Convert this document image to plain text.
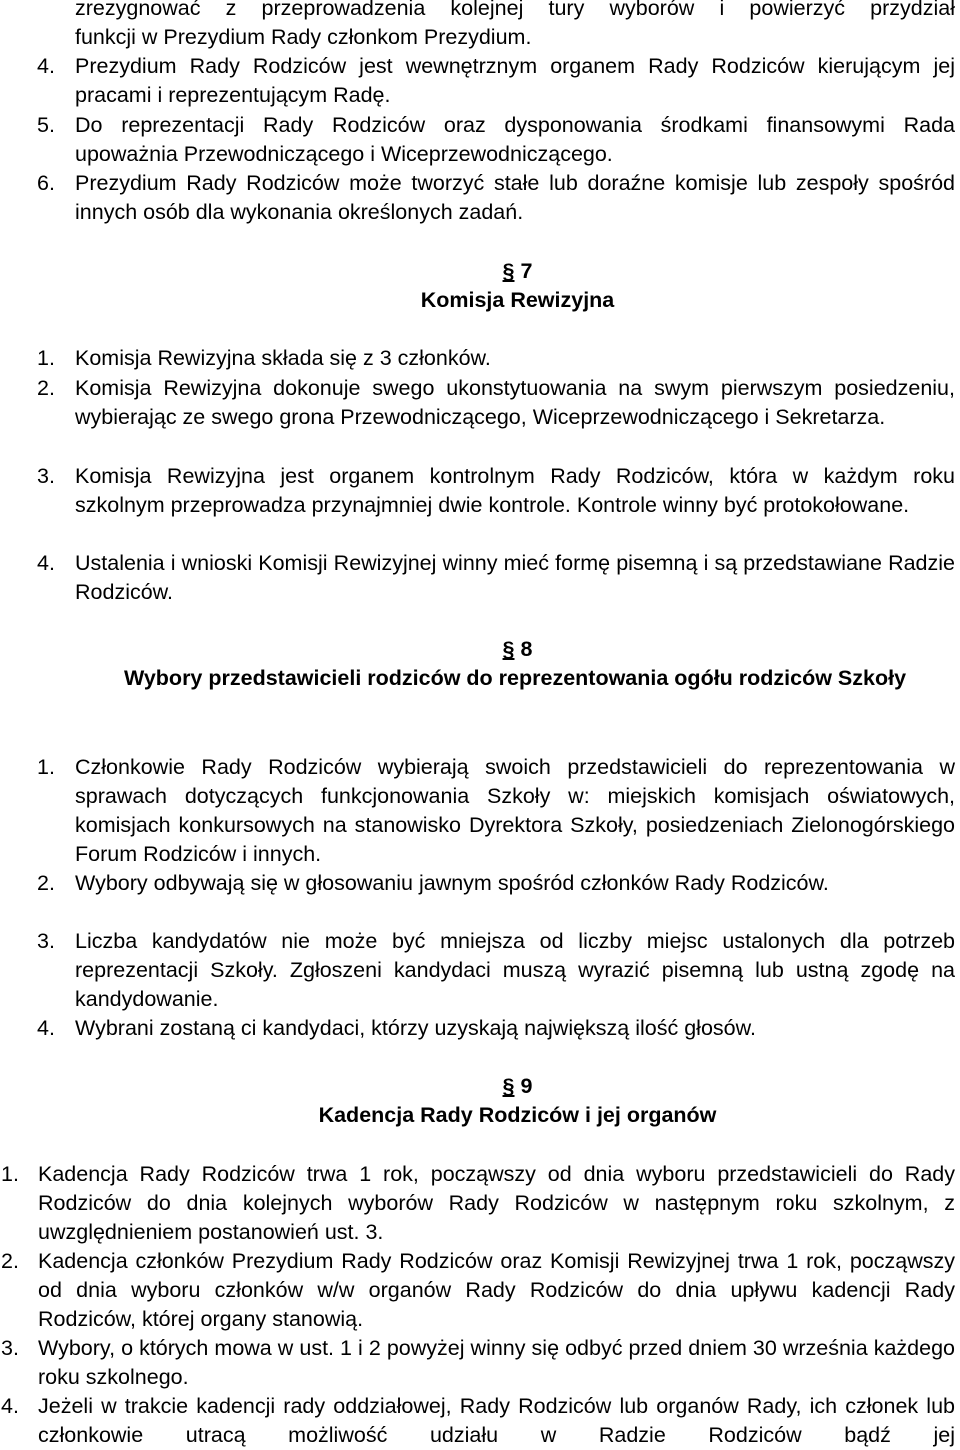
zrezygnować z przeprowadzenia kolejnej tury wyborów i powierzyć przydział
funkcji w Prezydium Rady członkom Prezydium.
4. Prezydium Rady Rodziców jest wewnętrznym organem Rady Rodziców kierującym jej pracami i reprezentującym Radę.
5. Do reprezentacji Rady Rodziców oraz dysponowania środkami finansowymi Rada upoważnia Przewodniczącego i Wiceprzewodniczącego.
6. Prezydium Rady Rodziców może tworzyć stałe lub doraźne komisje lub zespoły spośród innych osób dla wykonania określonych zadań.
§ 7
Komisja Rewizyjna
1. Komisja Rewizyjna składa się z 3 członków.
2. Komisja Rewizyjna dokonuje swego ukonstytuowania na swym pierwszym posiedzeniu, wybierając ze swego grona Przewodniczącego, Wiceprzewodniczącego i Sekretarza.
3. Komisja Rewizyjna jest organem kontrolnym Rady Rodziców, która w każdym roku szkolnym przeprowadza przynajmniej dwie kontrole. Kontrole winny być protokołowane.
4. Ustalenia i wnioski Komisji Rewizyjnej winny mieć formę pisemną i są przedstawiane Radzie Rodziców.
§ 8
Wybory przedstawicieli rodziców do reprezentowania ogółu rodziców Szkoły
1. Członkowie Rady Rodziców wybierają swoich przedstawicieli do reprezentowania w sprawach dotyczących funkcjonowania Szkoły w: miejskich komisjach oświatowych, komisjach konkursowych na stanowisko Dyrektora Szkoły, posiedzeniach Zielonogórskiego Forum Rodziców i innych.
2. Wybory odbywają się w głosowaniu jawnym spośród członków Rady Rodziców.
3. Liczba kandydatów nie może być mniejsza od liczby miejsc ustalonych dla potrzeb reprezentacji Szkoły. Zgłoszeni kandydaci muszą wyrazić pisemną lub ustną zgodę na kandydowanie.
4. Wybrani zostaną ci kandydaci, którzy uzyskają największą ilość głosów.
§ 9
Kadencja Rady Rodziców i jej organów
1. Kadencja Rady Rodziców trwa 1 rok, począwszy od dnia wyboru przedstawicieli do Rady Rodziców do dnia kolejnych wyborów Rady Rodziców w następnym roku szkolnym, z uwzględnieniem postanowień ust. 3.
2. Kadencja członków Prezydium Rady Rodziców oraz Komisji Rewizyjnej trwa 1 rok, począwszy od dnia wyboru członków w/w organów Rady Rodziców do dnia upływu kadencji Rady Rodziców, której organy stanowią.
3. Wybory, o których mowa w ust. 1 i 2 powyżej winny się odbyć przed dniem 30 września każdego roku szkolnego.
4. Jeżeli w trakcie kadencji rady oddziałowej, Rady Rodziców lub organów Rady, ich członek lub członkowie utracą możliwość udziału w Radzie Rodziców bądź jej
